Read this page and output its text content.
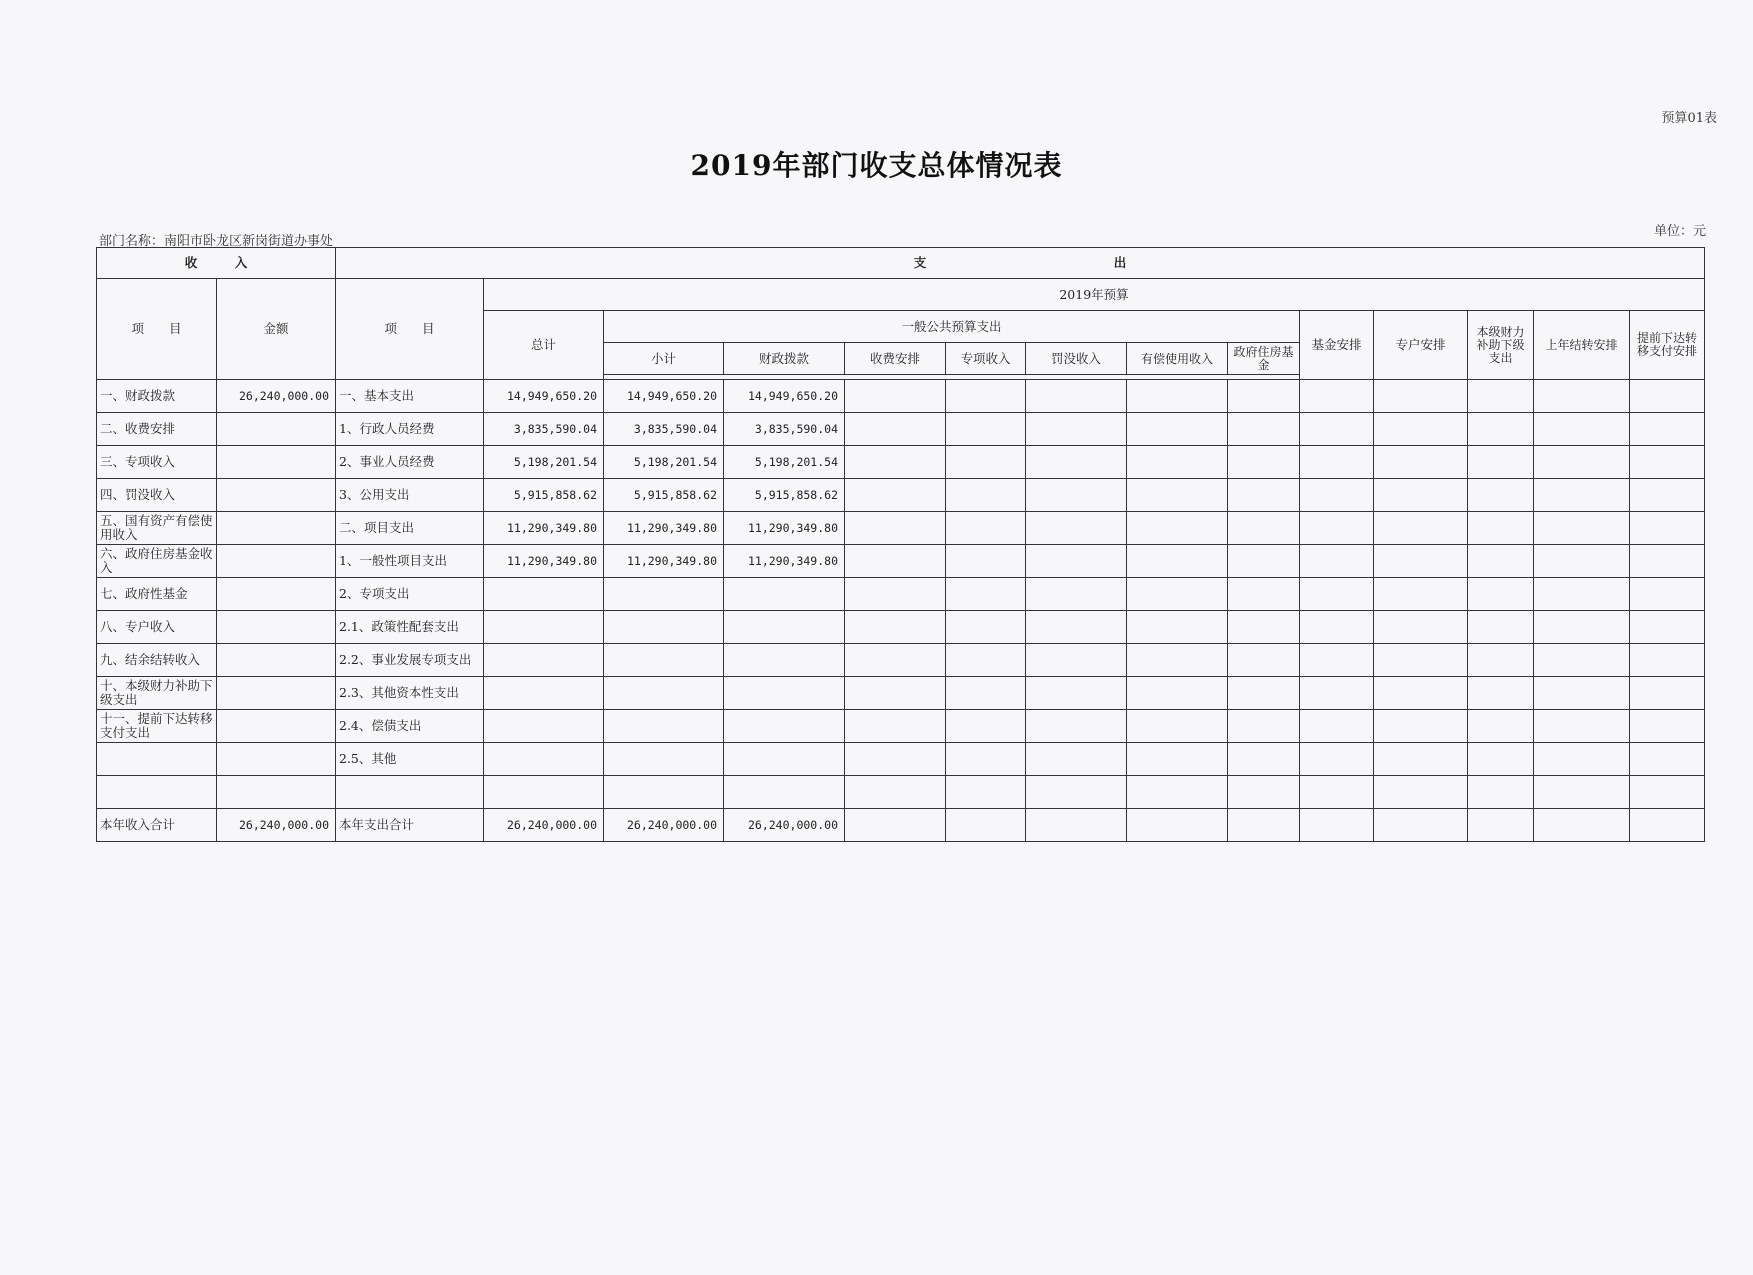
预算01表
2019年部门收支总体情况表
部门名称：南阳市卧龙区新岗街道办事处
单位：元
收　　　入		支　　　　　　　　　　　　　　　出													
项　　目	金额	项　　目	2019年预算												
			总计	一般公共预算支出							基金安排	专户安排	本级财力补助下级支出	上年结转安排	提前下达转移支付安排
				小计	财政拨款	收费安排	专项收入	罚没收入	有偿使用收入	政府住房基金					

一、财政拨款	26,240,000.00	一、基本支出	14,949,650.20	14,949,650.20	14,949,650.20										
二、收费安排		1、行政人员经费	3,835,590.04	3,835,590.04	3,835,590.04										
三、专项收入		2、事业人员经费	5,198,201.54	5,198,201.54	5,198,201.54										
四、罚没收入		3、公用支出	5,915,858.62	5,915,858.62	5,915,858.62										
五、国有资产有偿使用收入		二、项目支出	11,290,349.80	11,290,349.80	11,290,349.80										
六、政府住房基金收入		1、一般性项目支出	11,290,349.80	11,290,349.80	11,290,349.80										
七、政府性基金		2、专项支出													
八、专户收入		2.1、政策性配套支出													
九、结余结转收入		2.2、事业发展专项支出													
十、本级财力补助下级支出		2.3、其他资本性支出													
十一、提前下达转移支付支出		2.4、偿债支出													
		2.5、其他													

本年收入合计	26,240,000.00	本年支出合计	26,240,000.00	26,240,000.00	26,240,000.00										
